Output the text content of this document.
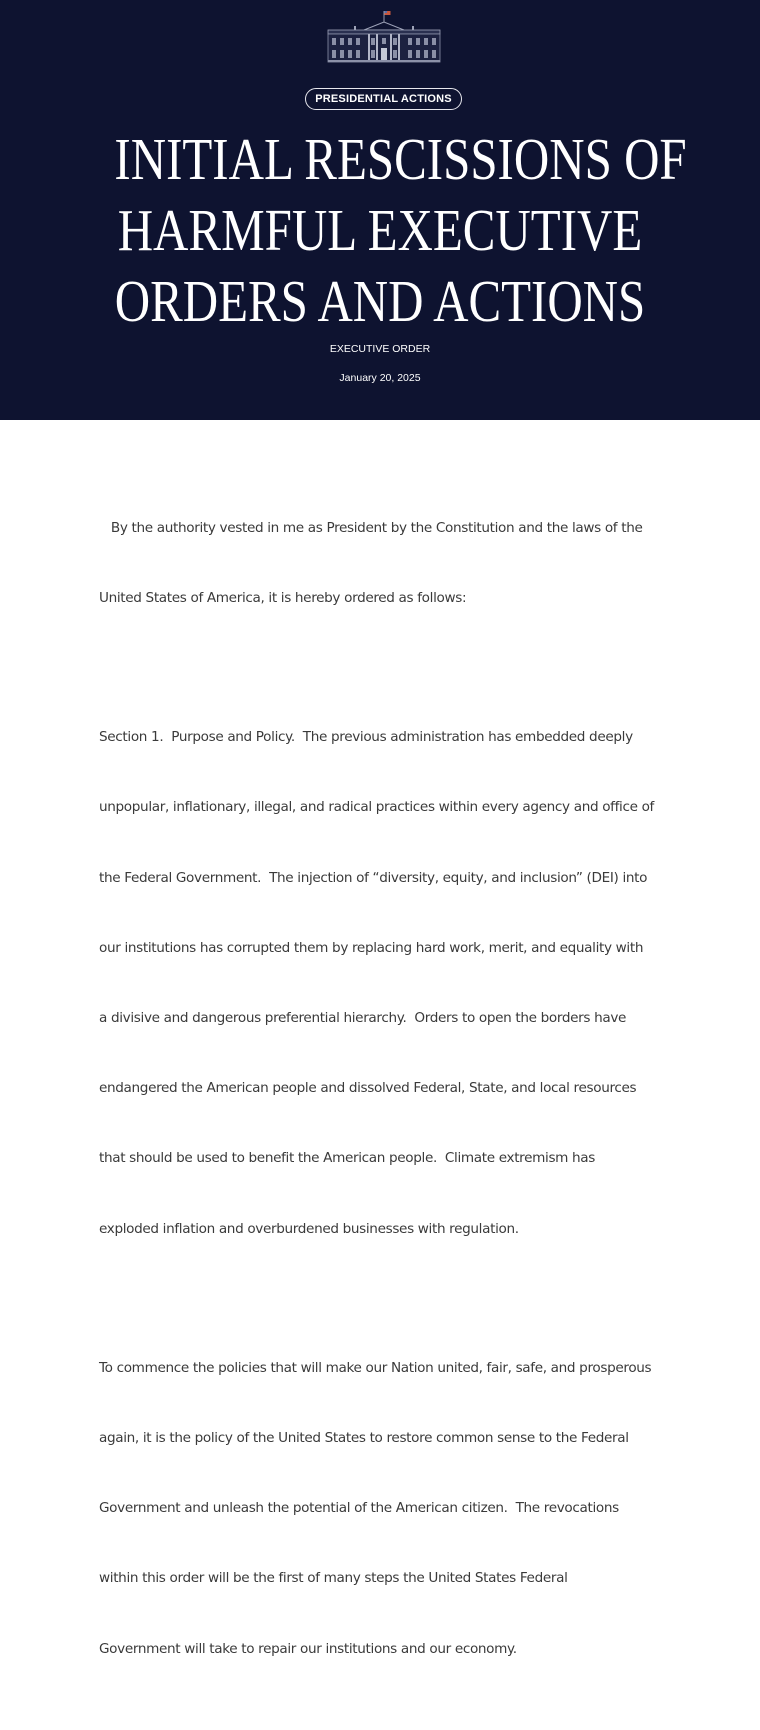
PRESIDENTIAL ACTIONS
INITIAL RESCISSIONS OF
HARMFUL EXECUTIVE
ORDERS AND ACTIONS
EXECUTIVE ORDER
January 20, 2025

By the authority vested in me as President by the Constitution and the laws of the

United States of America, it is hereby ordered as follows:

Section 1.  Purpose and Policy.  The previous administration has embedded deeply

unpopular, inflationary, illegal, and radical practices within every agency and office of

the Federal Government.  The injection of “diversity, equity, and inclusion” (DEI) into

our institutions has corrupted them by replacing hard work, merit, and equality with

a divisive and dangerous preferential hierarchy.  Orders to open the borders have

endangered the American people and dissolved Federal, State, and local resources

that should be used to benefit the American people.  Climate extremism has

exploded inflation and overburdened businesses with regulation.

To commence the policies that will make our Nation united, fair, safe, and prosperous

again, it is the policy of the United States to restore common sense to the Federal

Government and unleash the potential of the American citizen.  The revocations

within this order will be the first of many steps the United States Federal

Government will take to repair our institutions and our economy.
